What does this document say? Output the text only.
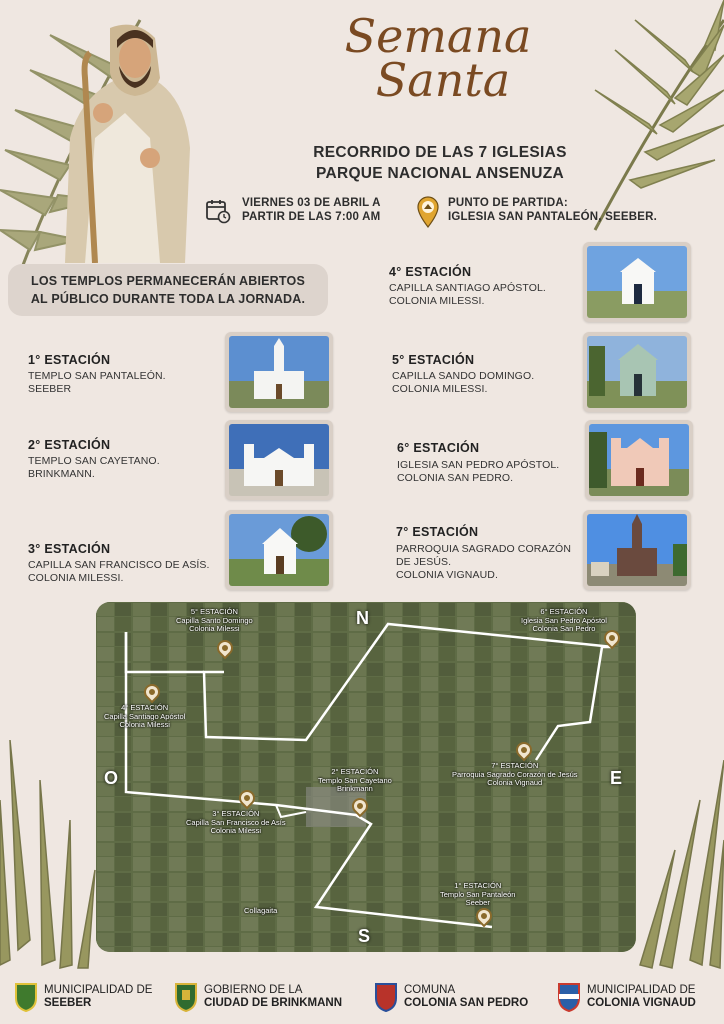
Semana
Santa
RECORRIDO DE LAS 7 IGLESIAS
PARQUE NACIONAL ANSENUZA
VIERNES 03 DE ABRIL A
PARTIR DE LAS 7:00 AM
PUNTO DE PARTIDA:
IGLESIA SAN PANTALEÓN, SEEBER.
LOS TEMPLOS PERMANECERÁN ABIERTOS
AL PÚBLICO DURANTE TODA LA JORNADA.
1° ESTACIÓN
TEMPLO SAN PANTALEÓN.
SEEBER
2° ESTACIÓN
TEMPLO SAN CAYETANO.
BRINKMANN.
3° ESTACIÓN
CAPILLA SAN FRANCISCO DE ASÍS.
COLONIA MILESSI.
4° ESTACIÓN
CAPILLA SANTIAGO APÓSTOL.
COLONIA MILESSI.
5° ESTACIÓN
CAPILLA SANDO DOMINGO.
COLONIA MILESSI.
6° ESTACIÓN
IGLESIA SAN PEDRO APÓSTOL.
COLONIA SAN PEDRO.
7° ESTACIÓN
PARROQUIA SAGRADO CORAZÓN
DE JESÚS.
COLONIA VIGNAUD.
N
S
E
O
Collagaita
5° ESTACIÓN
Capilla Santo Domingo
Colonia Milessi
6° ESTACIÓN
Iglesia San Pedro Apóstol
Colonia San Pedro
4° ESTACIÓN
Capilla Santiago Apóstol
Colonia Milessi
7° ESTACIÓN
Parroquia Sagrado Corazón de Jesús
Colonia Vignaud
2° ESTACIÓN
Templo San Cayetano
Brinkmann
3° ESTACIÓN
Capilla San Francisco de Asís
Colonia Milessi
1° ESTACIÓN
Templo San Pantaleón
Seeber
MUNICIPALIDAD DE
SEEBER
GOBIERNO DE LA
CIUDAD DE BRINKMANN
COMUNA
COLONIA SAN PEDRO
MUNICIPALIDAD DE
COLONIA VIGNAUD
